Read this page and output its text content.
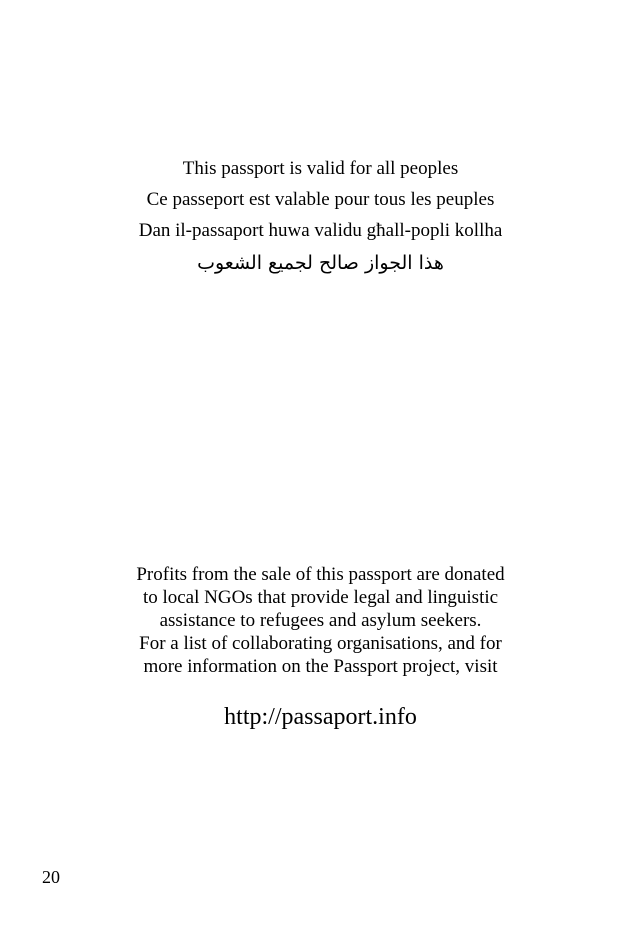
This passport is valid for all peoples
Ce passeport est valable pour tous les peuples
Dan il-passaport huwa validu għall-popli kollha
هذا الجواز صالح لجميع الشعوب
Profits from the sale of this passport are donated
to local NGOs that provide legal and linguistic
assistance to refugees and asylum seekers.
For a list of collaborating organisations, and for
more information on the Passport project, visit
http://passaport.info
20
